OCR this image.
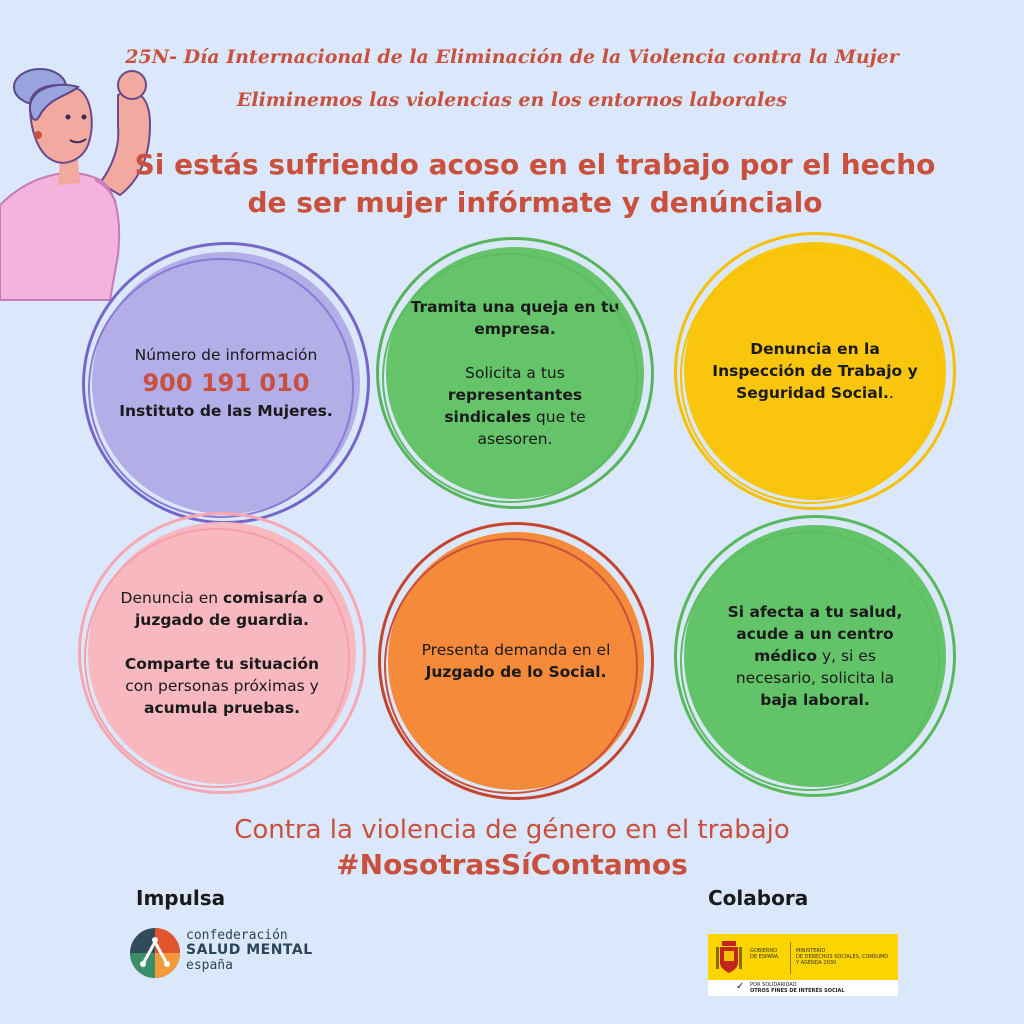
25N- Día Internacional de la Eliminación de la Violencia contra la Mujer
Eliminemos las violencias en los entornos laborales
Si estás sufriendo acoso en el trabajo por el hecho
de ser mujer infórmate y denúncialo
Número de información
900 191 010
Instituto de las Mujeres.
Tramita una queja en tu
empresa.
Solicita a tus
representantes
sindicales que te
asesoren.
Denuncia en la
Inspección de Trabajo y
Seguridad Social..
Denuncia en comisaría o
juzgado de guardia.
Comparte tu situación
con personas próximas y
acumula pruebas.
Presenta demanda en el
Juzgado de lo Social.
Si afecta a tu salud,
acude a un centro
médico y, si es
necesario, solicita la
baja laboral.
Contra la violencia de género en el trabajo
#NosotrasSíContamos
Impulsa	Colabora
confederación
SALUD MENTAL
españa
GOBIERNO
DE ESPAÑA
MINISTERIO
DE DERECHOS SOCIALES, CONSUMO
Y AGENDA 2030
✓ POR SOLIDARIDAD
OTROS FINES DE INTERÉS SOCIAL
